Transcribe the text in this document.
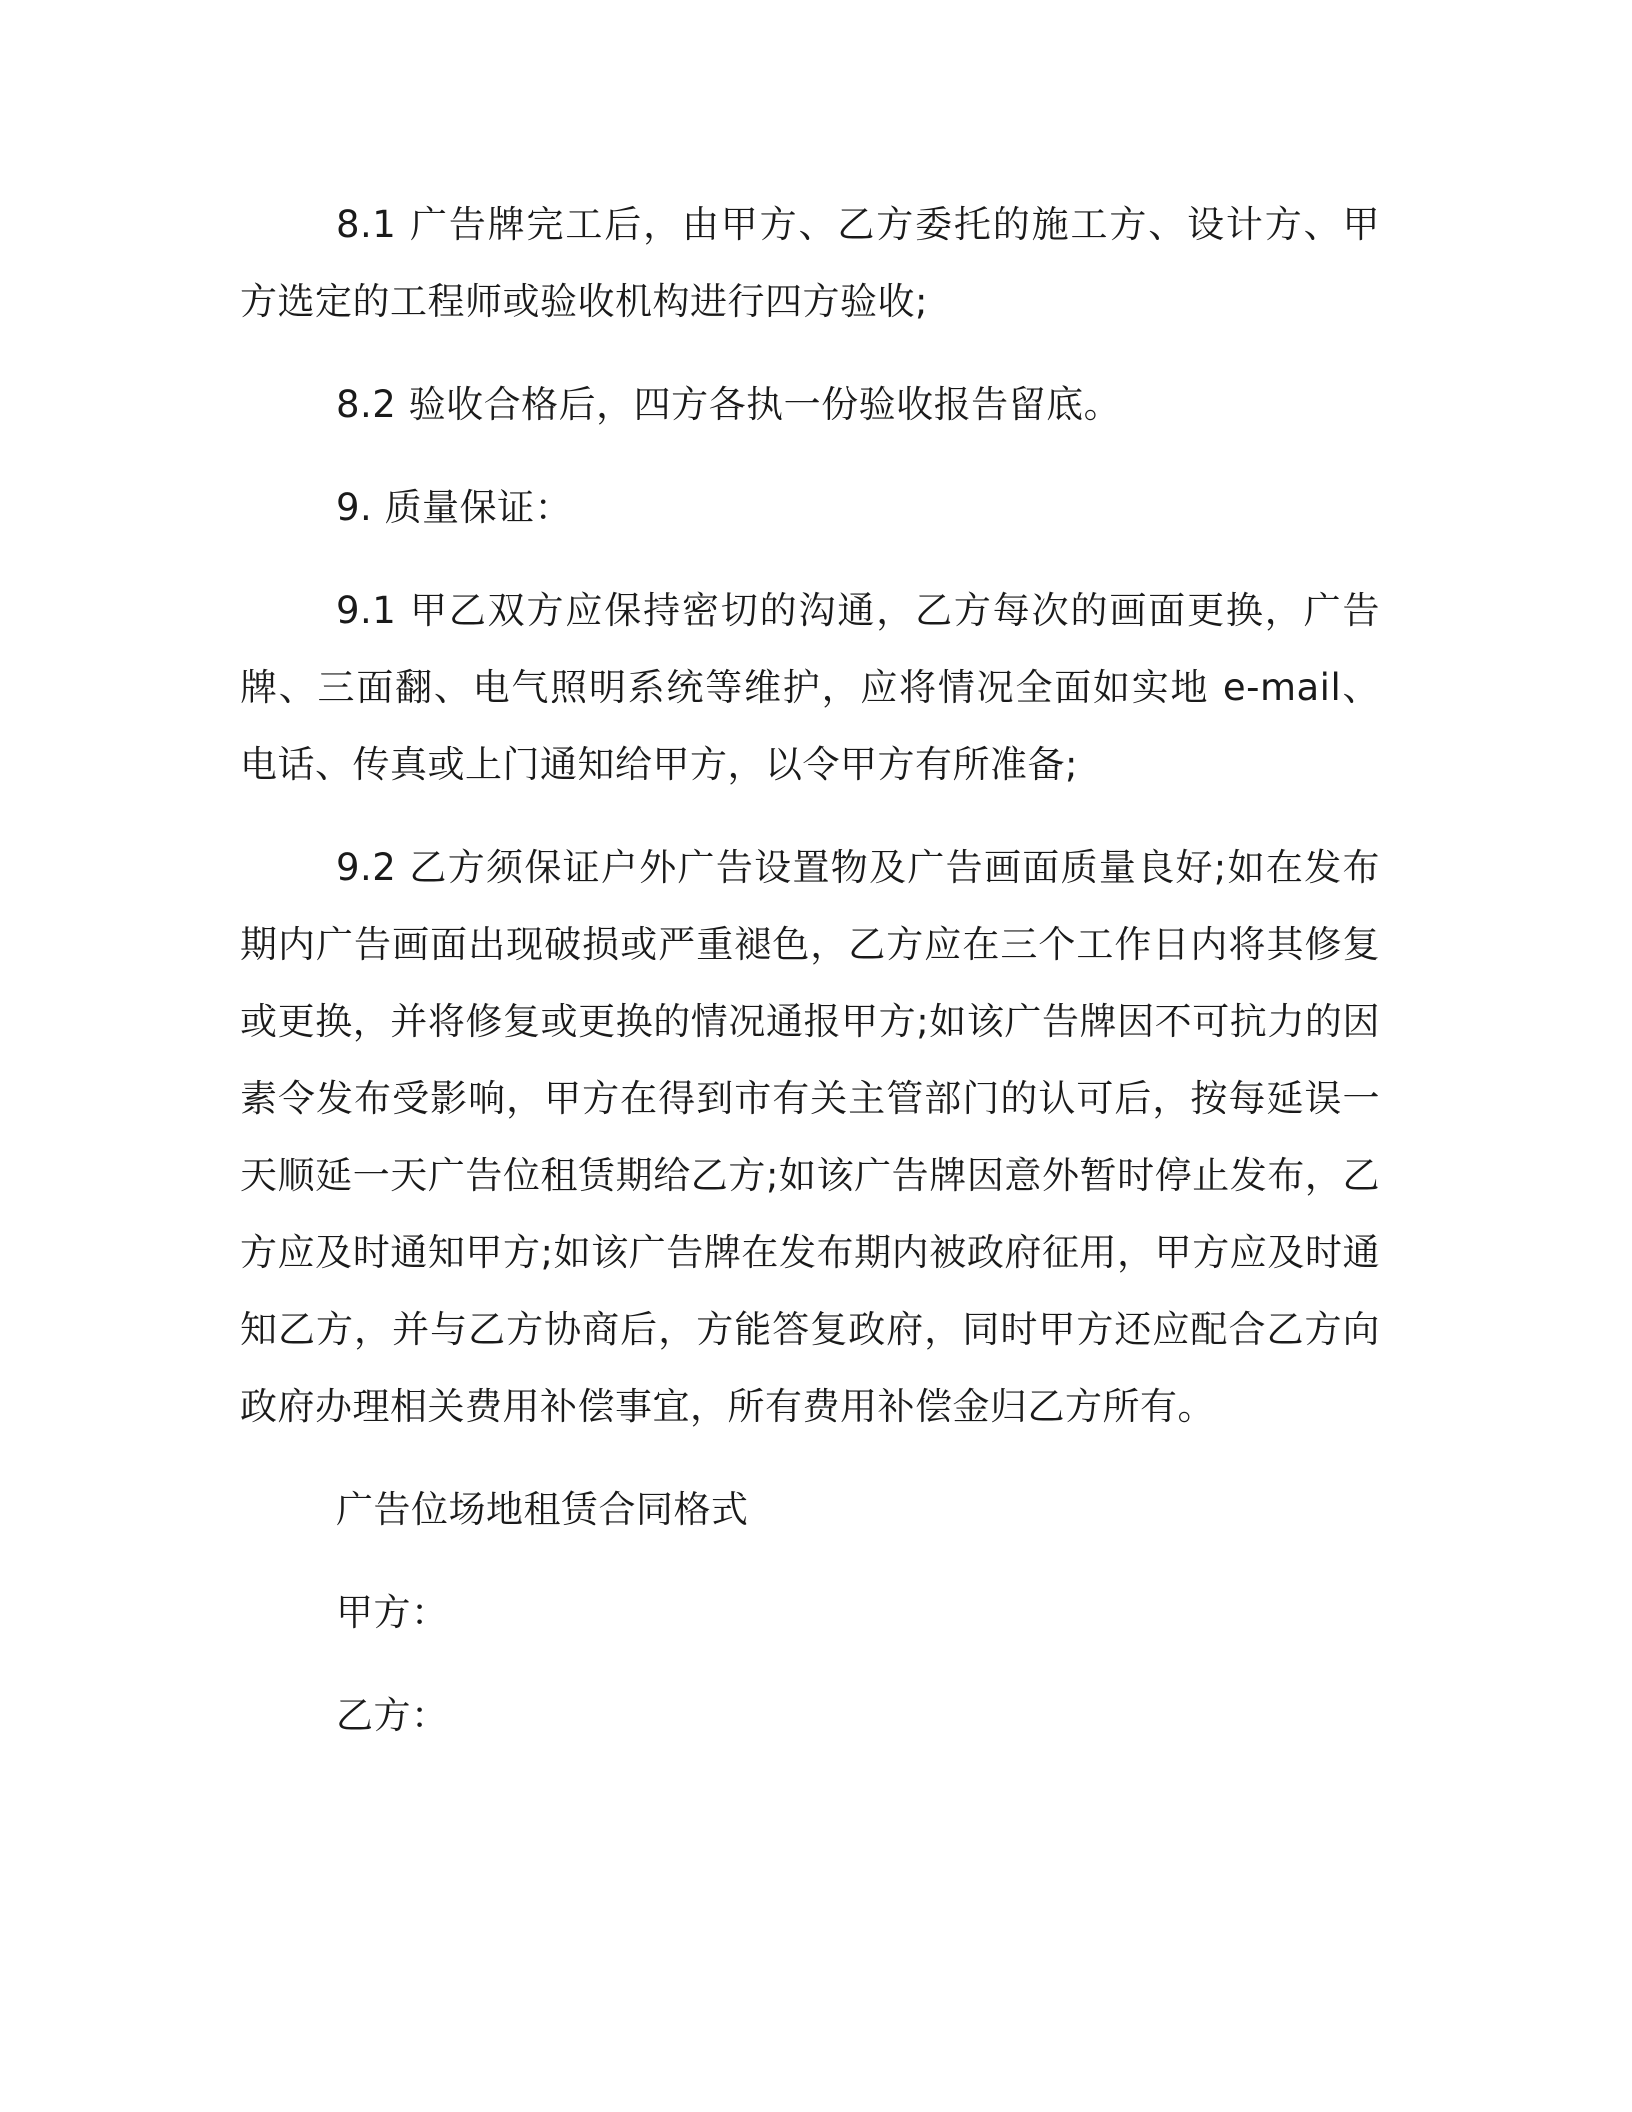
8.1 广告牌完工后，由甲方、乙方委托的施工方、设计方、甲方选定的工程师或验收机构进行四方验收;

8.2 验收合格后，四方各执一份验收报告留底。

9. 质量保证：

9.1 甲乙双方应保持密切的沟通，乙方每次的画面更换，广告牌、三面翻、电气照明系统等维护，应将情况全面如实地 e-mail、电话、传真或上门通知给甲方，以令甲方有所准备;

9.2 乙方须保证户外广告设置物及广告画面质量良好;如在发布期内广告画面出现破损或严重褪色，乙方应在三个工作日内将其修复或更换，并将修复或更换的情况通报甲方;如该广告牌因不可抗力的因素令发布受影响，甲方在得到市有关主管部门的认可后，按每延误一天顺延一天广告位租赁期给乙方;如该广告牌因意外暂时停止发布，乙方应及时通知甲方;如该广告牌在发布期内被政府征用，甲方应及时通知乙方，并与乙方协商后，方能答复政府，同时甲方还应配合乙方向政府办理相关费用补偿事宜，所有费用补偿金归乙方所有。

广告位场地租赁合同格式

甲方：

乙方：
